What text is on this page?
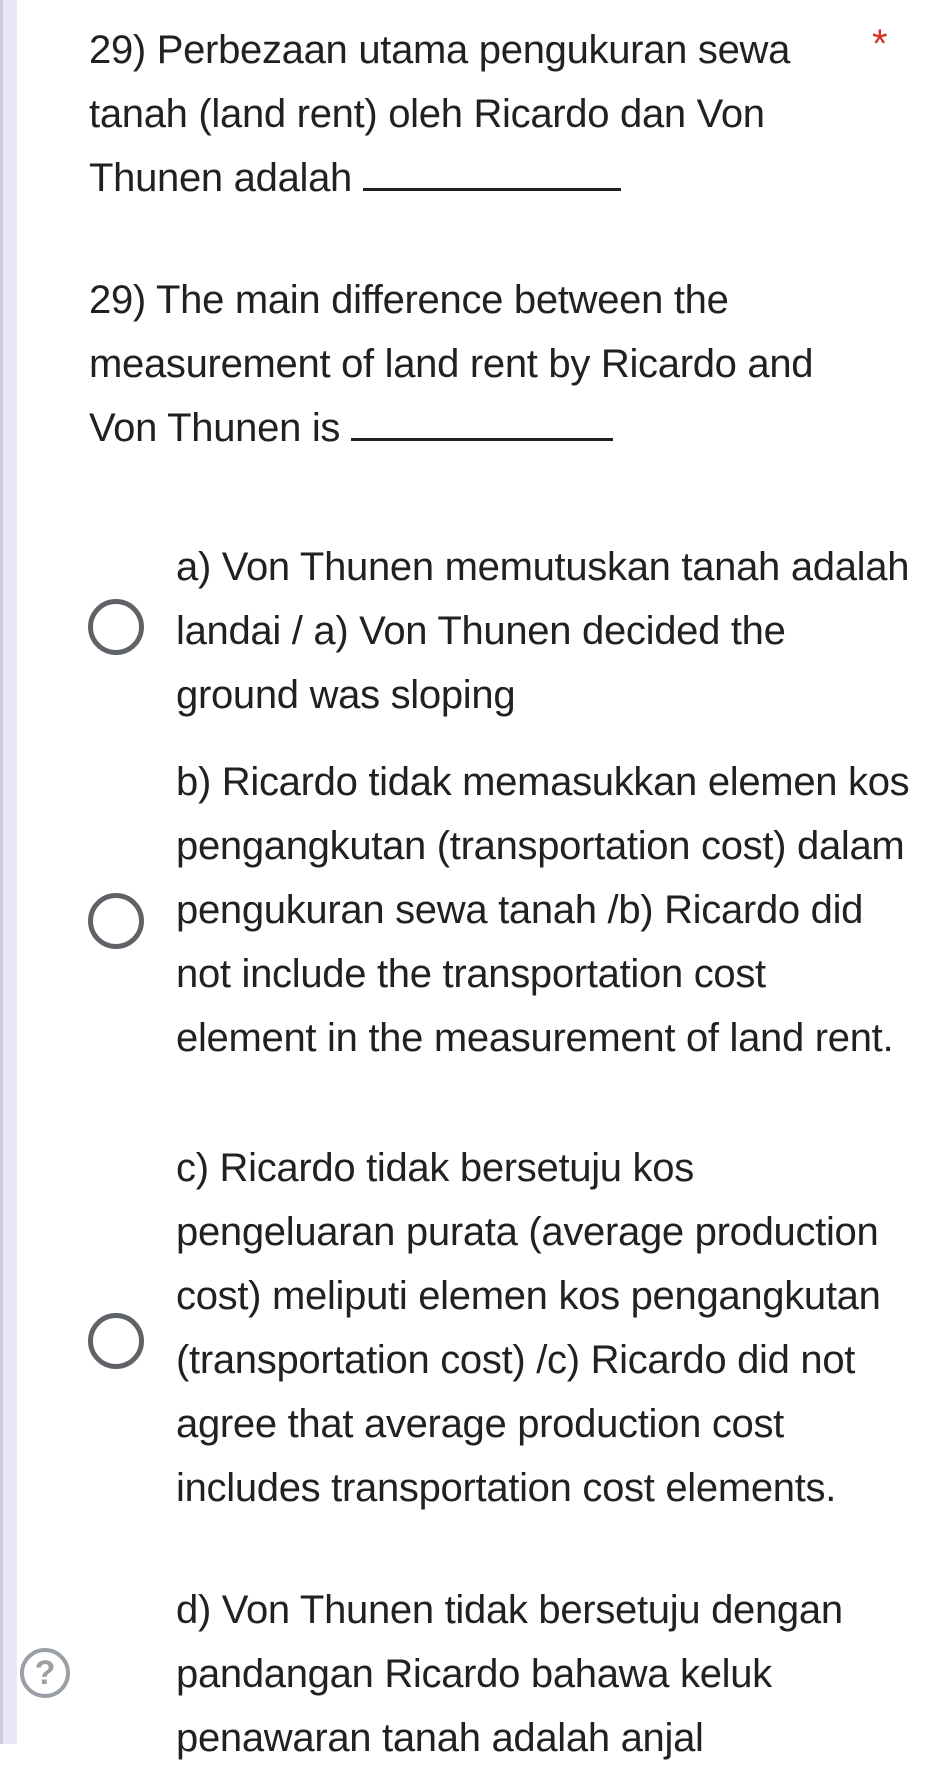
29) Perbezaan utama pengukuran sewa tanah (land rent) oleh Ricardo dan Von Thunen adalah
*
29) The main difference between the measurement of land rent by Ricardo and Von Thunen is
a) Von Thunen memutuskan tanah adalah landai / a) Von Thunen decided the ground was sloping
b) Ricardo tidak memasukkan elemen kos pengangkutan (transportation cost) dalam pengukuran sewa tanah /b) Ricardo did not include the transportation cost element in the measurement of land rent.
c) Ricardo tidak bersetuju kos pengeluaran purata (average production cost) meliputi elemen kos pengangkutan (transportation cost) /c) Ricardo did not agree that average production cost includes transportation cost elements.
?
d) Von Thunen tidak bersetuju dengan pandangan Ricardo bahawa keluk penawaran tanah adalah anjal
